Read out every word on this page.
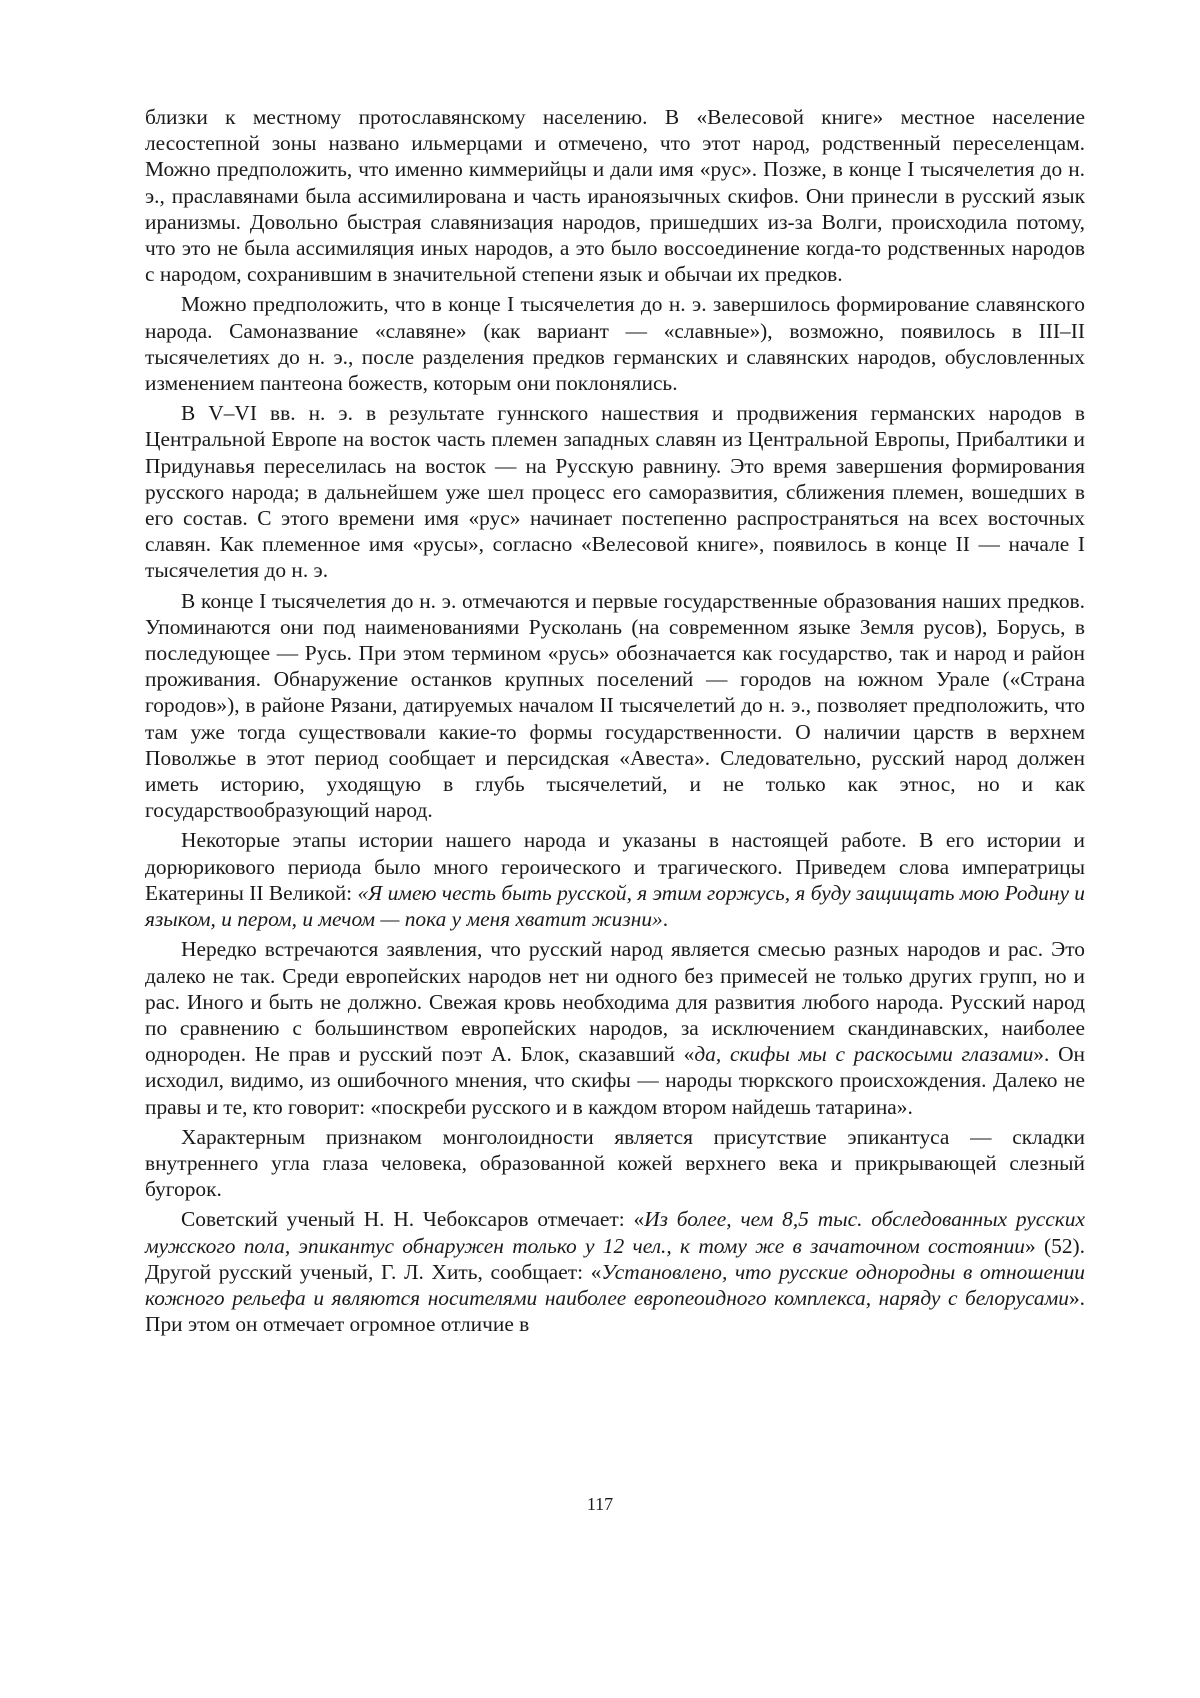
близки к местному протославянскому населению. В «Велесовой книге» местное население лесостепной зоны названо ильмерцами и отмечено, что этот народ, родственный переселенцам. Можно предположить, что именно киммерийцы и дали имя «рус». Позже, в конце I тысячелетия до н. э., праславянами была ассимилирована и часть ираноязычных скифов. Они принесли в русский язык иранизмы. Довольно быстрая славянизация народов, пришедших из-за Волги, происходила потому, что это не была ассимиляция иных народов, а это было воссоединение когда-то родственных народов с народом, сохранившим в значительной степени язык и обычаи их предков.

Можно предположить, что в конце I тысячелетия до н. э. завершилось формирование славянского народа. Самоназвание «славяне» (как вариант — «славные»), возможно, появилось в III–II тысячелетиях до н. э., после разделения предков германских и славянских народов, обусловленных изменением пантеона божеств, которым они поклонялись.

В V–VI вв. н. э. в результате гуннского нашествия и продвижения германских народов в Центральной Европе на восток часть племен западных славян из Центральной Европы, Прибалтики и Придунавья переселилась на восток — на Русскую равнину. Это время завершения формирования русского народа; в дальнейшем уже шел процесс его саморазвития, сближения племен, вошедших в его состав. С этого времени имя «рус» начинает постепенно распространяться на всех восточных славян. Как племенное имя «русы», согласно «Велесовой книге», появилось в конце II — начале I тысячелетия до н. э.

В конце I тысячелетия до н. э. отмечаются и первые государственные образования наших предков. Упоминаются они под наименованиями Русколань (на современном языке Земля русов), Борусь, в последующее — Русь. При этом термином «русь» обозначается как государство, так и народ и район проживания. Обнаружение останков крупных поселений — городов на южном Урале («Страна городов»), в районе Рязани, датируемых началом II тысячелетий до н. э., позволяет предположить, что там уже тогда существовали какие-то формы государственности. О наличии царств в верхнем Поволжье в этот период сообщает и персидская «Авеста». Следовательно, русский народ должен иметь историю, уходящую в глубь тысячелетий, и не только как этнос, но и как государствообразующий народ.

Некоторые этапы истории нашего народа и указаны в настоящей работе. В его истории и дорюрикового периода было много героического и трагического. Приведем слова императрицы Екатерины II Великой: «Я имею честь быть русской, я этим горжусь, я буду защищать мою Родину и языком, и пером, и мечом — пока у меня хватит жизни».

Нередко встречаются заявления, что русский народ является смесью разных народов и рас. Это далеко не так. Среди европейских народов нет ни одного без примесей не только других групп, но и рас. Иного и быть не должно. Свежая кровь необходима для развития любого народа. Русский народ по сравнению с большинством европейских народов, за исключением скандинавских, наиболее однороден. Не прав и русский поэт А. Блок, сказавший «да, скифы мы с раскосыми глазами». Он исходил, видимо, из ошибочного мнения, что скифы — народы тюркского происхождения. Далеко не правы и те, кто говорит: «поскреби русского и в каждом втором найдешь татарина».

Характерным признаком монголоидности является присутствие эпикантуса — складки внутреннего угла глаза человека, образованной кожей верхнего века и прикрывающей слезный бугорок.

Советский ученый Н. Н. Чебоксаров отмечает: «Из более, чем 8,5 тыс. обследованных русских мужского пола, эпикантус обнаружен только у 12 чел., к тому же в зачаточном состоянии» (52). Другой русский ученый, Г. Л. Хить, сообщает: «Установлено, что русские однородны в отношении кожного рельефа и являются носителями наиболее европеоидного комплекса, наряду с белорусами». При этом он отмечает огромное отличие в

117
